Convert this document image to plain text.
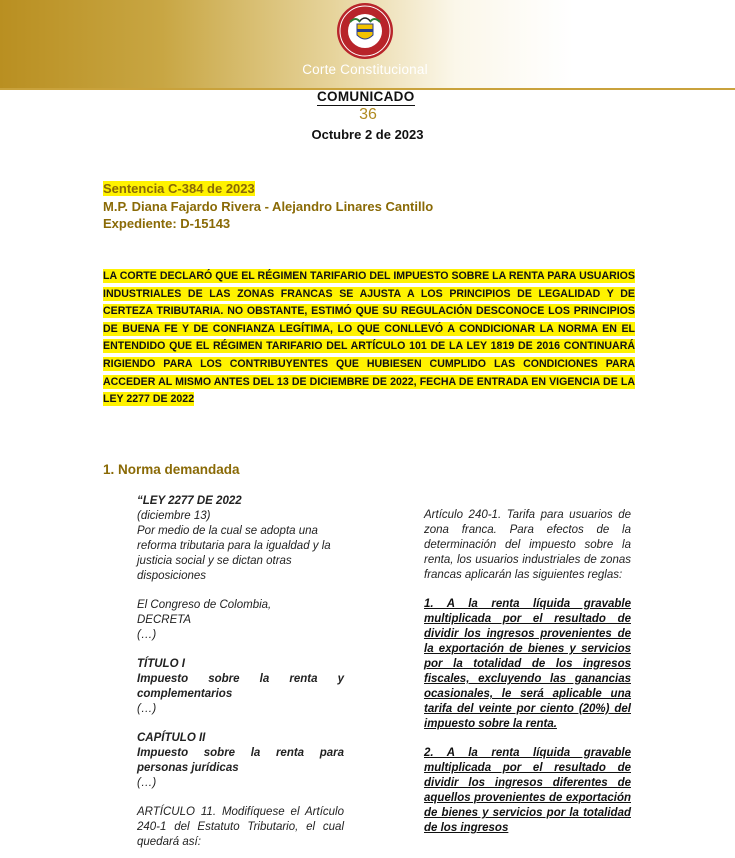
Corte Constitucional
COMUNICADO
36
Octubre 2 de 2023
Sentencia C-384 de 2023
M.P. Diana Fajardo Rivera - Alejandro Linares Cantillo
Expediente: D-15143
LA CORTE DECLARÓ QUE EL RÉGIMEN TARIFARIO DEL IMPUESTO SOBRE LA RENTA PARA USUARIOS INDUSTRIALES DE LAS ZONAS FRANCAS SE AJUSTA A LOS PRINCIPIOS DE LEGALIDAD Y DE CERTEZA TRIBUTARIA. NO OBSTANTE, ESTIMÓ QUE SU REGULACIÓN DESCONOCE LOS PRINCIPIOS DE BUENA FE Y DE CONFIANZA LEGÍTIMA, LO QUE CONLLEVÓ A CONDICIONAR LA NORMA EN EL ENTENDIDO QUE EL RÉGIMEN TARIFARIO DEL ARTÍCULO 101 DE LA LEY 1819 DE 2016 CONTINUARÁ RIGIENDO PARA LOS CONTRIBUYENTES QUE HUBIESEN CUMPLIDO LAS CONDICIONES PARA ACCEDER AL MISMO ANTES DEL 13 DE DICIEMBRE DE 2022, FECHA DE ENTRADA EN VIGENCIA DE LA LEY 2277 DE 2022
1. Norma demandada

“LEY 2277 DE 2022

(diciembre 13)

Por medio de la cual se adopta una reforma tributaria para la igualdad y la justicia social y se dictan otras disposiciones

El Congreso de Colombia,

DECRETA

(…)

TÍTULO I

Impuesto sobre la renta y complementarios

(…)

CAPÍTULO II

Impuesto sobre la renta para personas jurídicas

(…)

ARTÍCULO 11. Modifíquese el Artículo 240-1 del Estatuto Tributario, el cual quedará así:

Artículo 240-1. Tarifa para usuarios de zona franca. Para efectos de la determinación del impuesto sobre la renta, los usuarios industriales de zonas francas aplicarán las siguientes reglas:

1. A la renta líquida gravable multiplicada por el resultado de dividir los ingresos provenientes de la exportación de bienes y servicios por la totalidad de los ingresos fiscales, excluyendo las ganancias ocasionales, le será aplicable una tarifa del veinte por ciento (20%) del impuesto sobre la renta.

2. A la renta líquida gravable multiplicada por el resultado de dividir los ingresos diferentes de aquellos provenientes de exportación de bienes y servicios por la totalidad de los ingresos
